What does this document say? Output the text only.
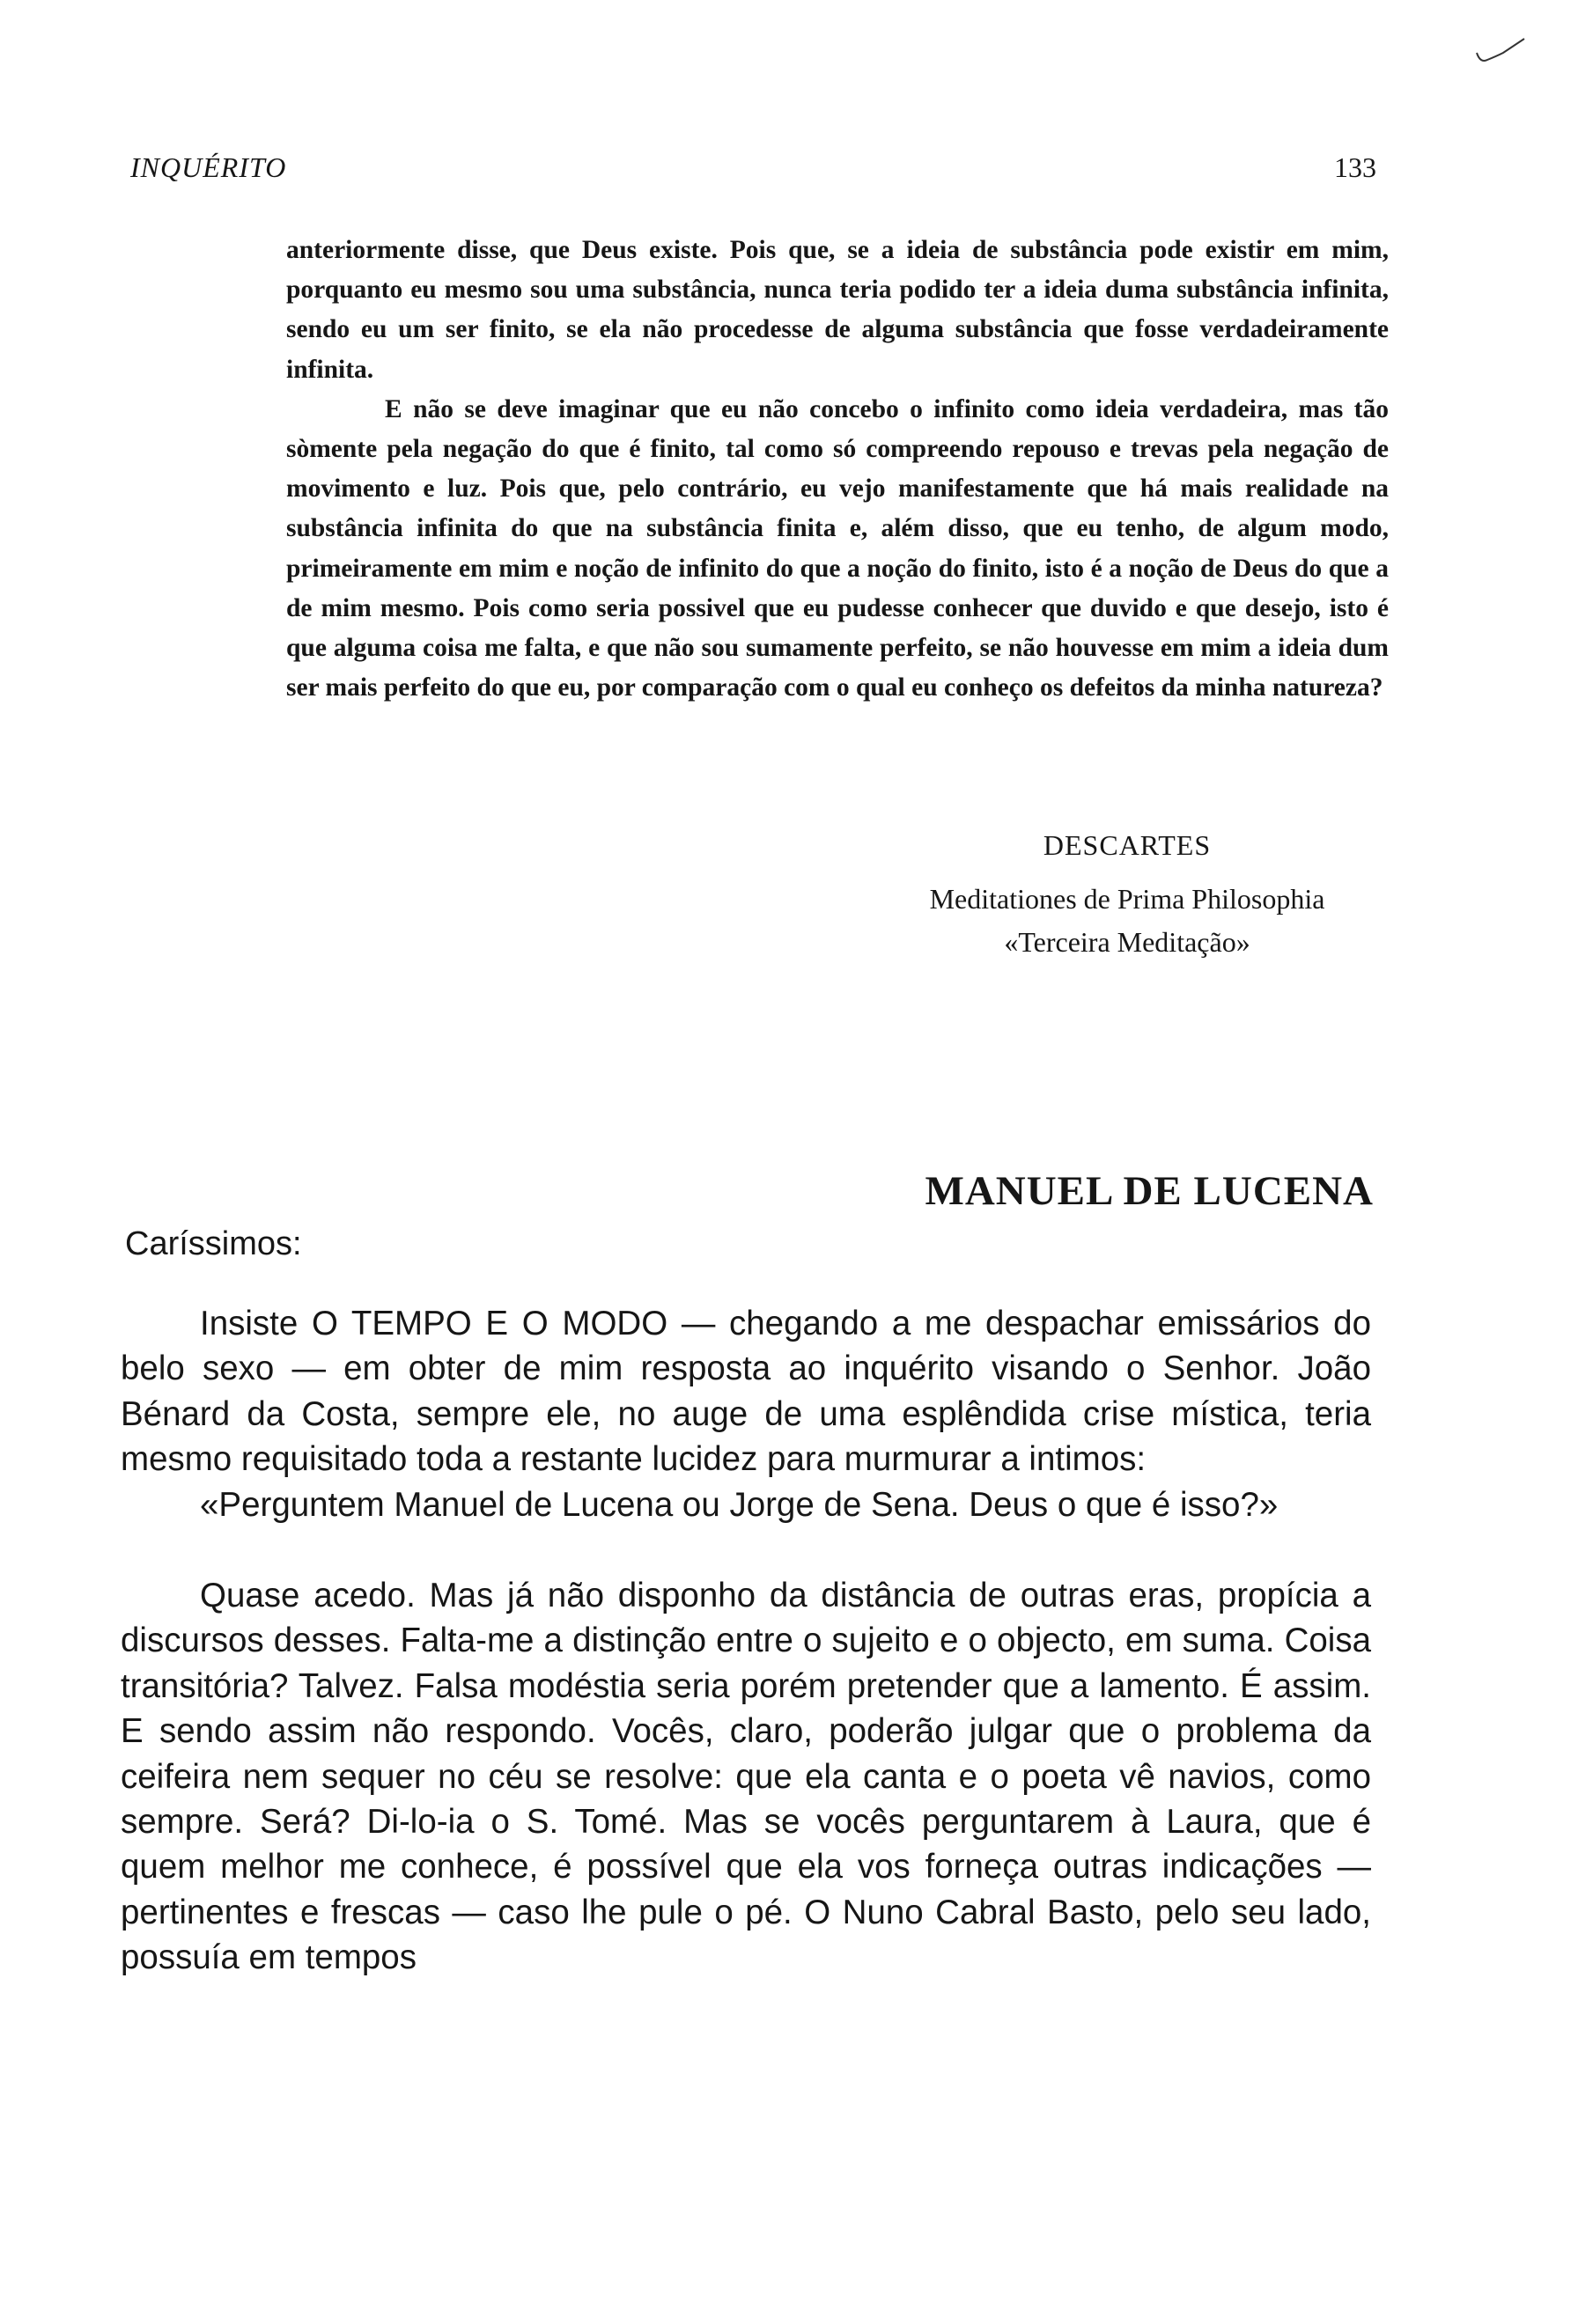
INQUÉRITO	133

anteriormente disse, que Deus existe. Pois que, se a ideia de substância pode existir em mim, porquanto eu mesmo sou uma substância, nunca teria podido ter a ideia duma substância infinita, sendo eu um ser finito, se ela não procedesse de alguma substância que fosse verdadeiramente infinita.

E não se deve imaginar que eu não concebo o infinito como ideia verdadeira, mas tão sòmente pela negação do que é finito, tal como só compreendo repouso e trevas pela negação de movimento e luz. Pois que, pelo contrário, eu vejo manifestamente que há mais realidade na substância infinita do que na substância finita e, além disso, que eu tenho, de algum modo, primeiramente em mim e noção de infinito do que a noção do finito, isto é a noção de Deus do que a de mim mesmo. Pois como seria possivel que eu pudesse conhecer que duvido e que desejo, isto é que alguma coisa me falta, e que não sou sumamente perfeito, se não houvesse em mim a ideia dum ser mais perfeito do que eu, por comparação com o qual eu conheço os defeitos da minha natureza?

DESCARTES
Meditationes de Prima Philosophia
«Terceira Meditação»
MANUEL DE LUCENA
Caríssimos:

Insiste O TEMPO E O MODO — chegando a me despachar emissários do belo sexo — em obter de mim resposta ao inquérito visando o Senhor. João Bénard da Costa, sempre ele, no auge de uma esplêndida crise mística, teria mesmo requisitado toda a restante lucidez para murmurar a intimos:

«Perguntem Manuel de Lucena ou Jorge de Sena. Deus o que é isso?»

Quase acedo. Mas já não disponho da distância de outras eras, propícia a discursos desses. Falta-me a distinção entre o sujeito e o objecto, em suma. Coisa transitória? Talvez. Falsa modéstia seria porém pretender que a lamento. É assim. E sendo assim não respondo. Vocês, claro, poderão julgar que o problema da ceifeira nem sequer no céu se resolve: que ela canta e o poeta vê navios, como sempre. Será? Di-lo-ia o S. Tomé. Mas se vocês perguntarem à Laura, que é quem melhor me conhece, é possível que ela vos forneça outras indicações — pertinentes e frescas — caso lhe pule o pé. O Nuno Cabral Basto, pelo seu lado, possuía em tempos
